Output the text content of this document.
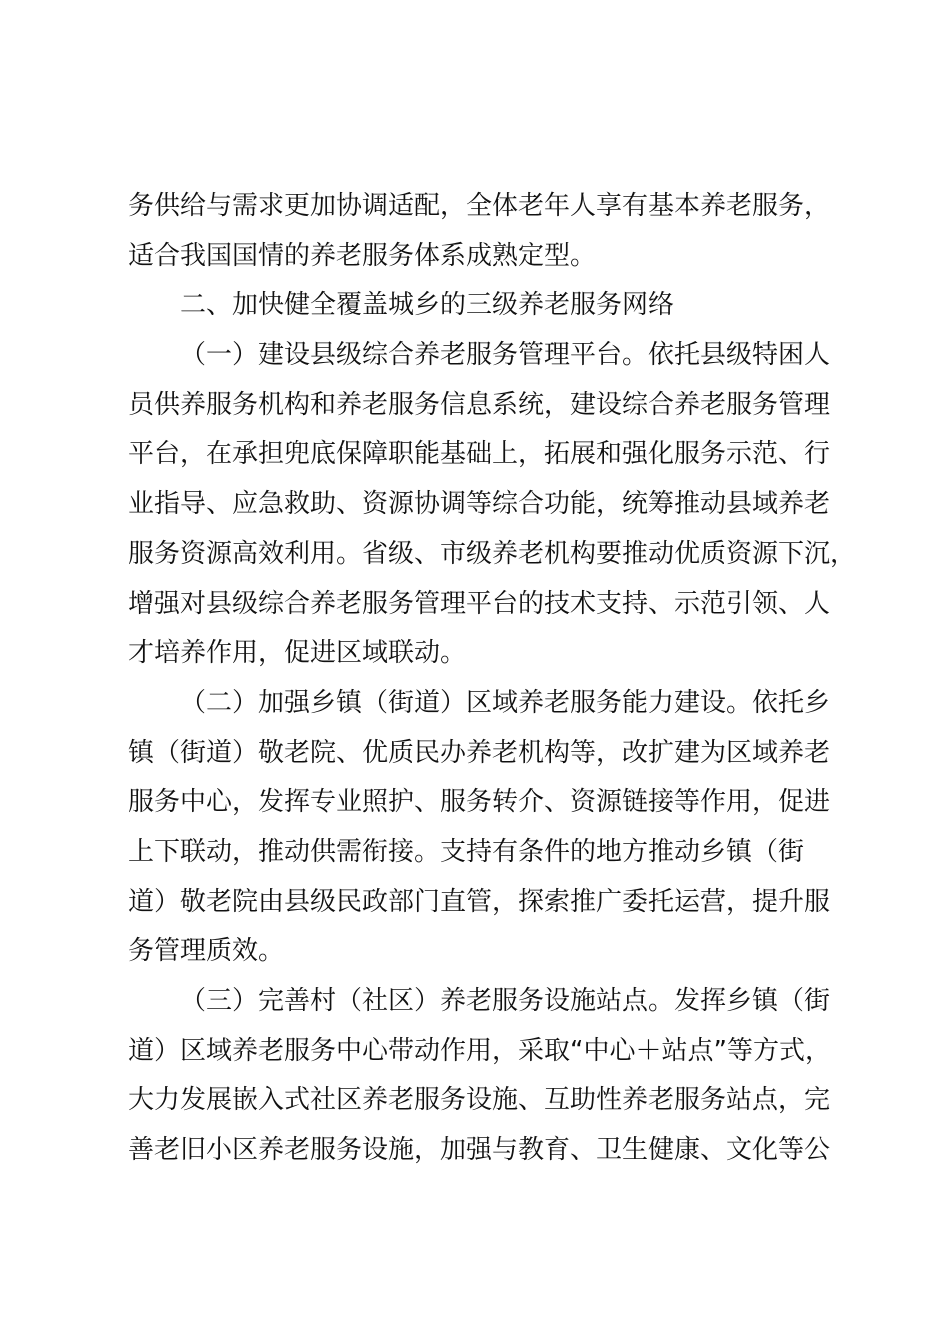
务供给与需求更加协调适配，全体老年人享有基本养老服务，
适合我国国情的养老服务体系成熟定型。
二、加快健全覆盖城乡的三级养老服务网络
（一）建设县级综合养老服务管理平台。依托县级特困人
员供养服务机构和养老服务信息系统，建设综合养老服务管理
平台，在承担兜底保障职能基础上，拓展和强化服务示范、行
业指导、应急救助、资源协调等综合功能，统筹推动县域养老
服务资源高效利用。省级、市级养老机构要推动优质资源下沉，
增强对县级综合养老服务管理平台的技术支持、示范引领、人
才培养作用，促进区域联动。
（二）加强乡镇（街道）区域养老服务能力建设。依托乡
镇（街道）敬老院、优质民办养老机构等，改扩建为区域养老
服务中心，发挥专业照护、服务转介、资源链接等作用，促进
上下联动，推动供需衔接。支持有条件的地方推动乡镇（街
道）敬老院由县级民政部门直管，探索推广委托运营，提升服
务管理质效。
（三）完善村（社区）养老服务设施站点。发挥乡镇（街
道）区域养老服务中心带动作用，采取“中心＋站点”等方式，
大力发展嵌入式社区养老服务设施、互助性养老服务站点，完
善老旧小区养老服务设施，加强与教育、卫生健康、文化等公
